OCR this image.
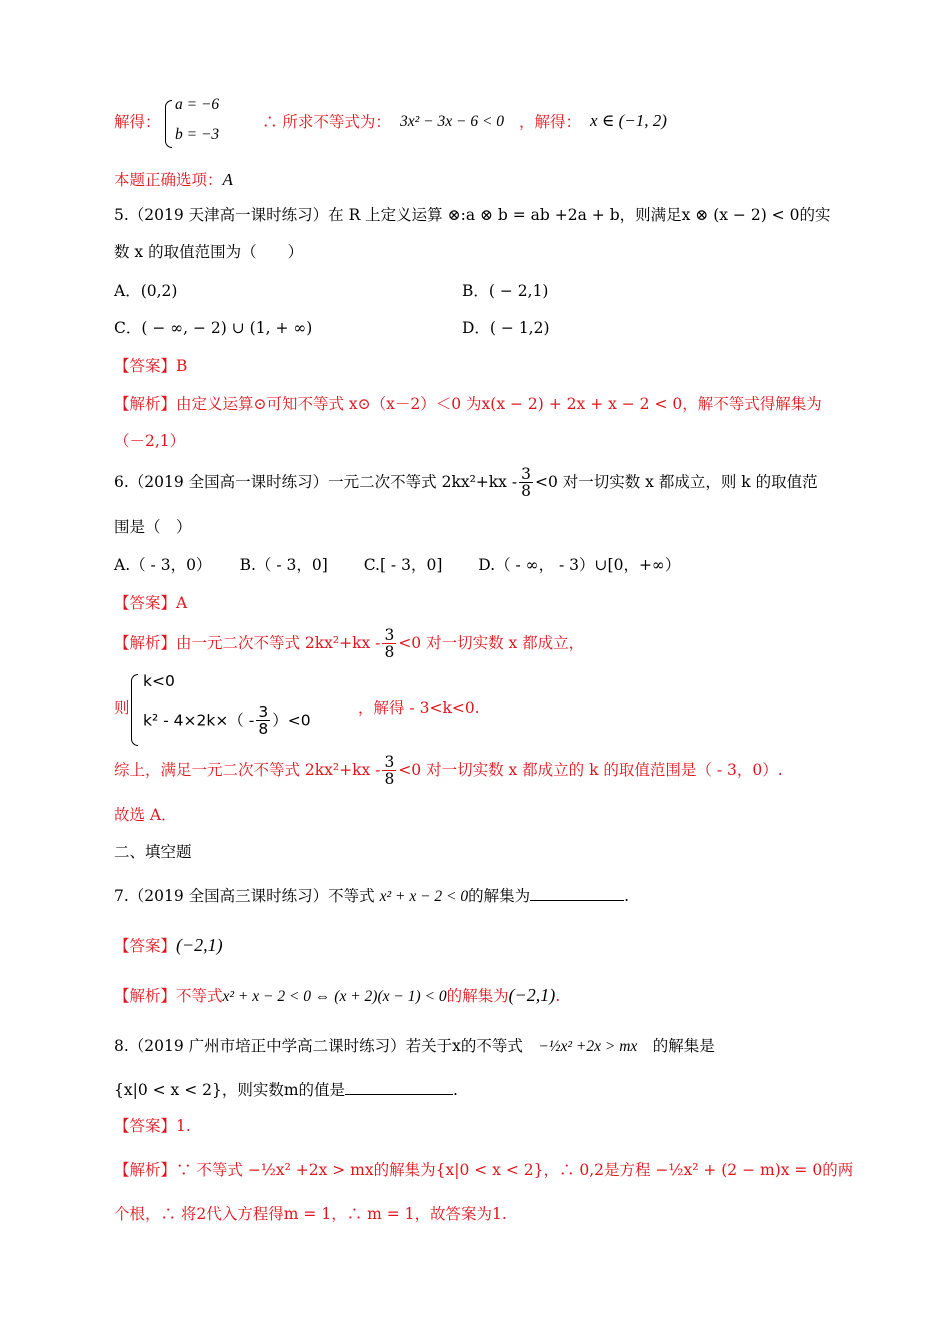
解得：
a = −6
b = −3
∴ 所求不等式为： 3x² − 3x − 6 < 0 ，解得： x ∈ (−1, 2)
本题正确选项：A
5.（2019 天津高一课时练习）在 R 上定义运算 ⊗:a ⊗ b = ab +2a + b，则满足x ⊗ (x − 2) < 0的实
数 x 的取值范围为（　　）
A．(0,2)	B．( − 2,1)
C．( − ∞, − 2) ∪ (1, + ∞)	D．( − 1,2)
【答案】B
【解析】由定义运算⊙可知不等式 x⊙（x－2）＜0 为x(x − 2) + 2x + x − 2 < 0，解不等式得解集为
（－2,1）
6.（2019 全国高一课时练习）一元二次不等式 $2kx^2+kx - \frac{3}{8} <0$ 对一切实数 x 都成立，则 k 的取值范
围是（　）
A.（ - 3，0）　　 B.（ - 3，0]　　 C.[ - 3，0]　　 D.（ - ∞， - 3）∪[0，+∞）
【答案】A
【解析】由一元二次不等式 $2kx^2+kx - \frac{3}{8} <0$ 对一切实数 x 都成立，
则
k<0
$k^2 - 4\times 2k\times( - \frac{3}{8} )<0$
，解得 - 3<k<0.
综上，满足一元二次不等式 $2kx^2+kx - \frac{3}{8} <0$ 对一切实数 x 都成立的 k 的取值范围是（ - 3，0）.
故选 A．
二、填空题
7.（2019 全国高三课时练习）不等式 x² + x − 2 < 0的解集为	.
【答案】(−2,1)
【解析】不等式x² + x − 2 < 0 ⇔ (x + 2)(x − 1) < 0的解集为(−2,1).
8.（2019 广州市培正中学高二课时练习）若关于x的不等式　 −½x² +2x > mx　 的解集是
{x|0 < x < 2}，则实数m的值是	.
【答案】1.
【解析】∵ 不等式 −½x² +2x > mx的解集为{x|0 < x < 2}，∴ 0,2是方程 −½x² + (2 − m)x = 0的两
个根，∴ 将2代入方程得m = 1，∴ m = 1，故答案为1.
